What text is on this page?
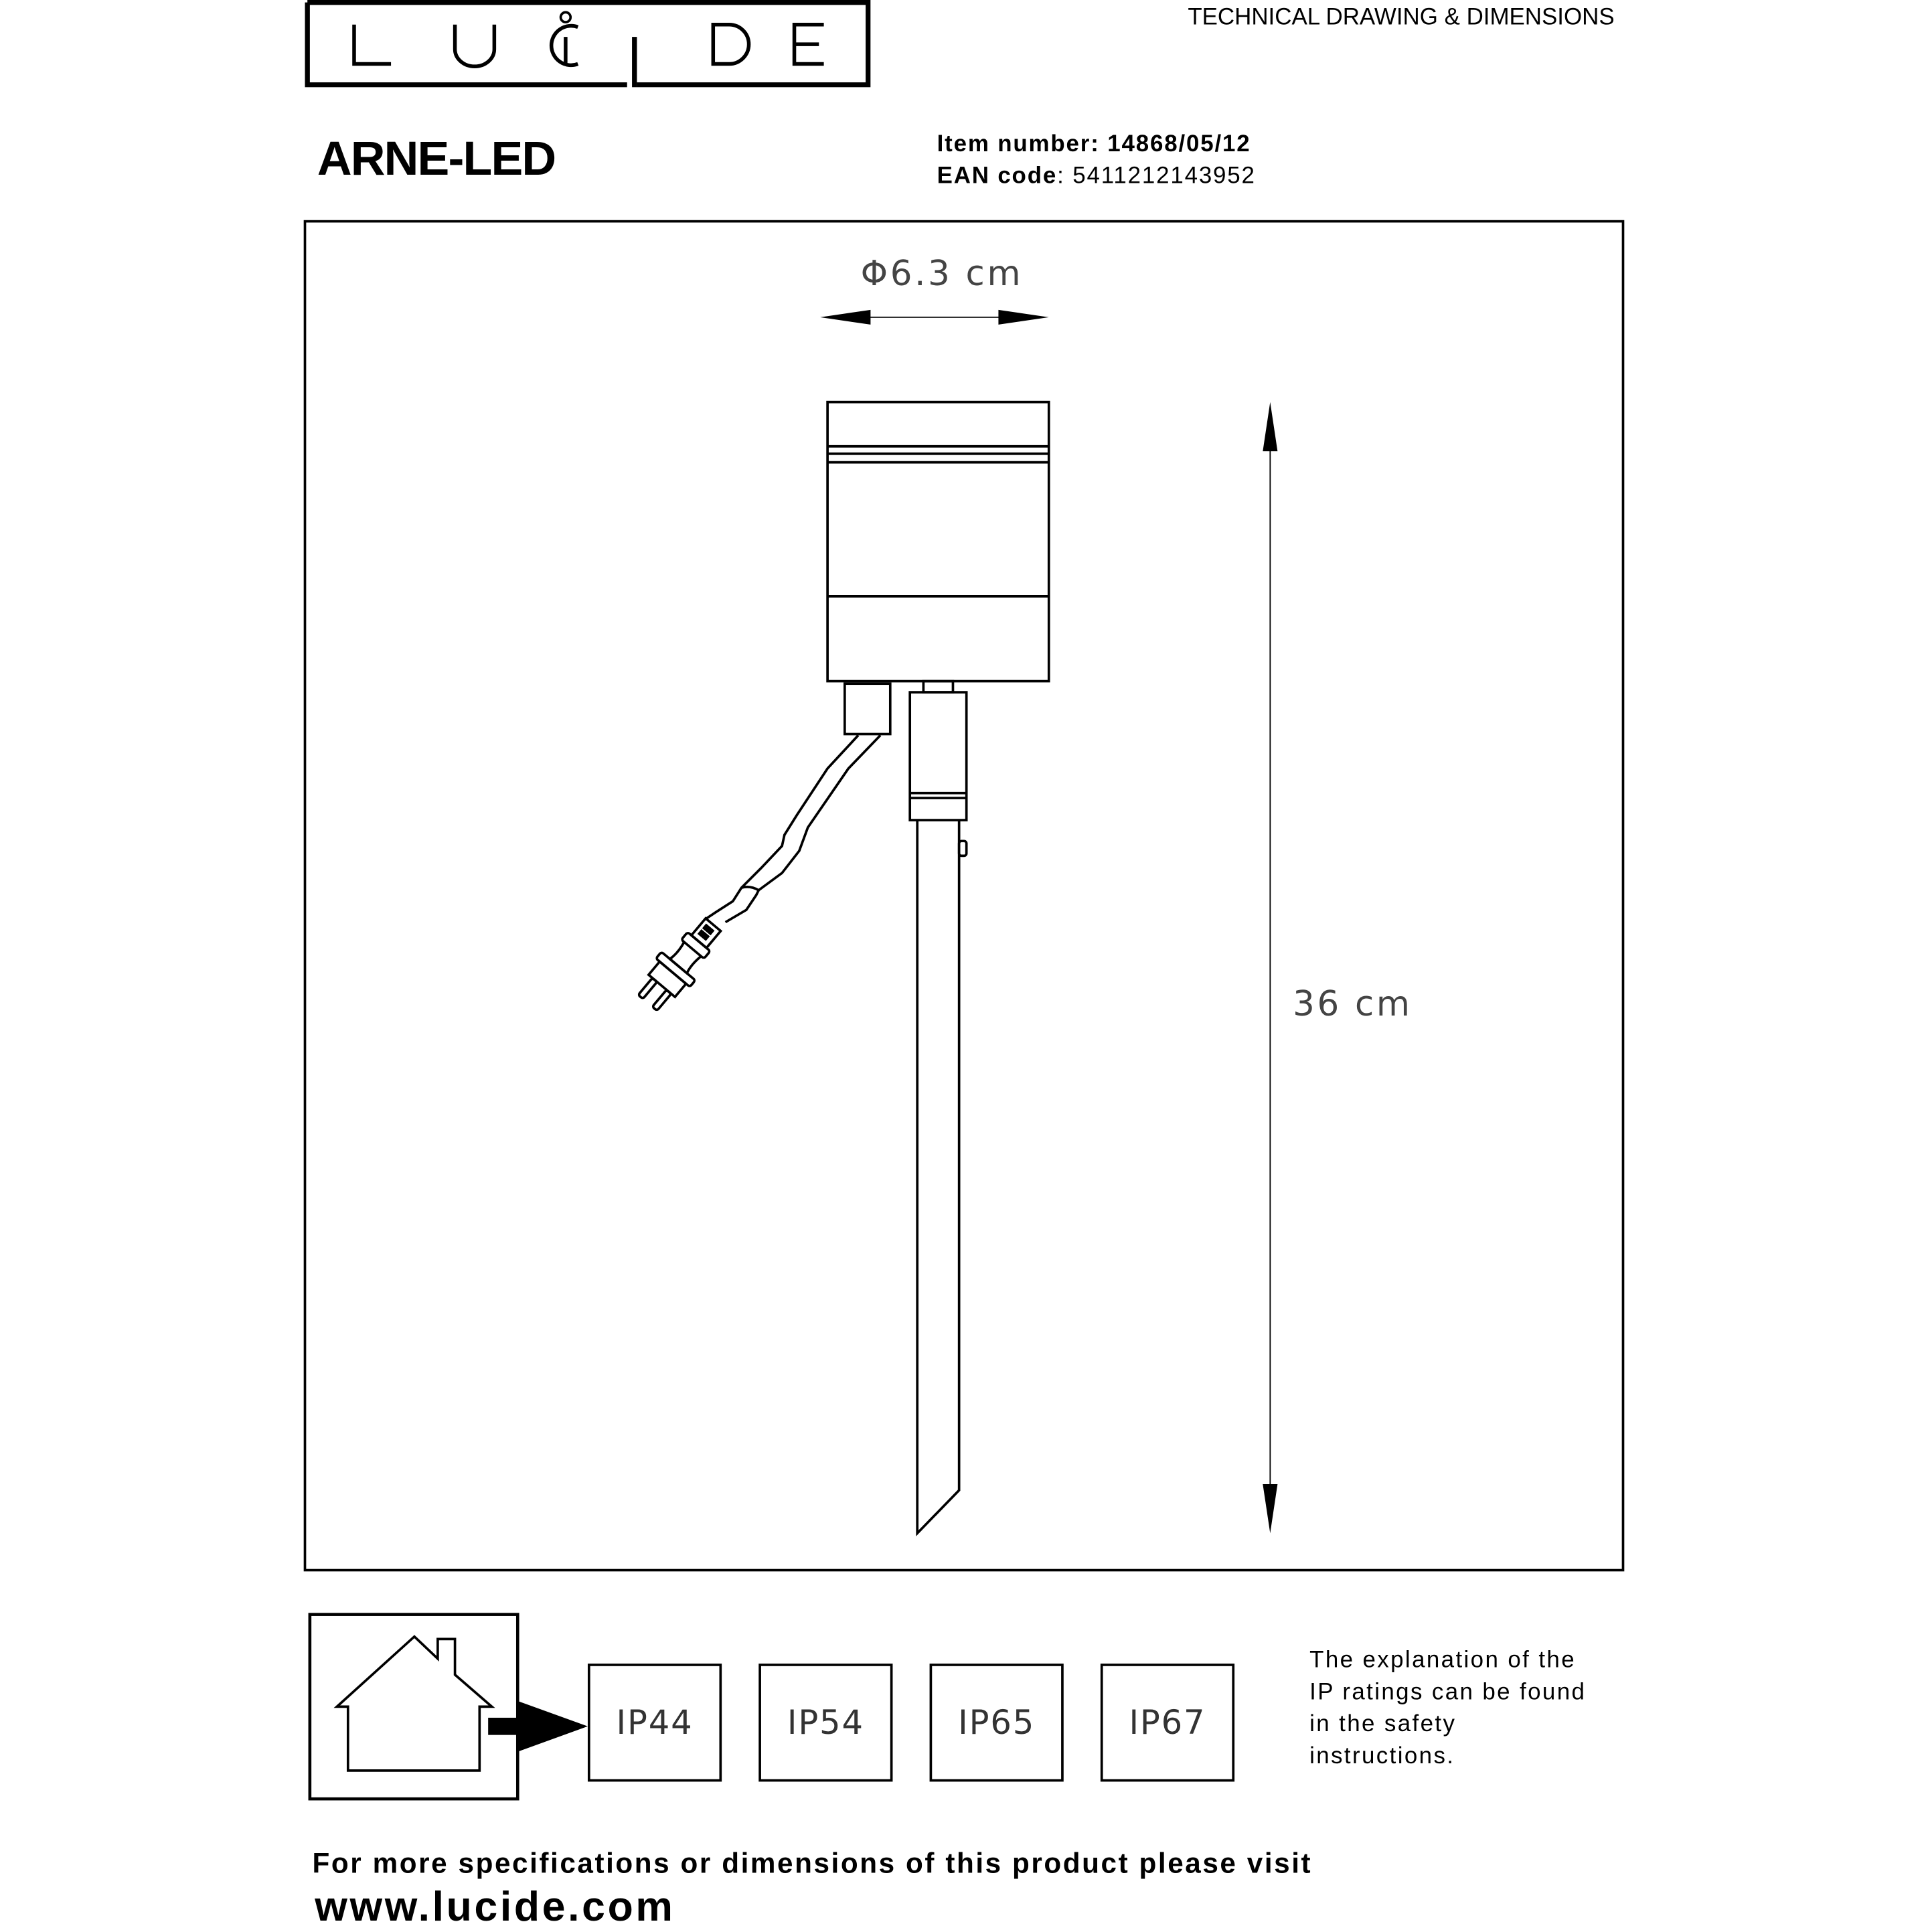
TECHNICAL DRAWING & DIMENSIONS
ARNE-LED	Item number: 14868/05/12
EAN code: 5411212143952
Φ6.3 cm
36 cm
IP44	IP54	IP65	IP67
The explanation of the
IP ratings can be found
in the safety
instructions.
For more specifications or dimensions of this product please visit
www.lucide.com
